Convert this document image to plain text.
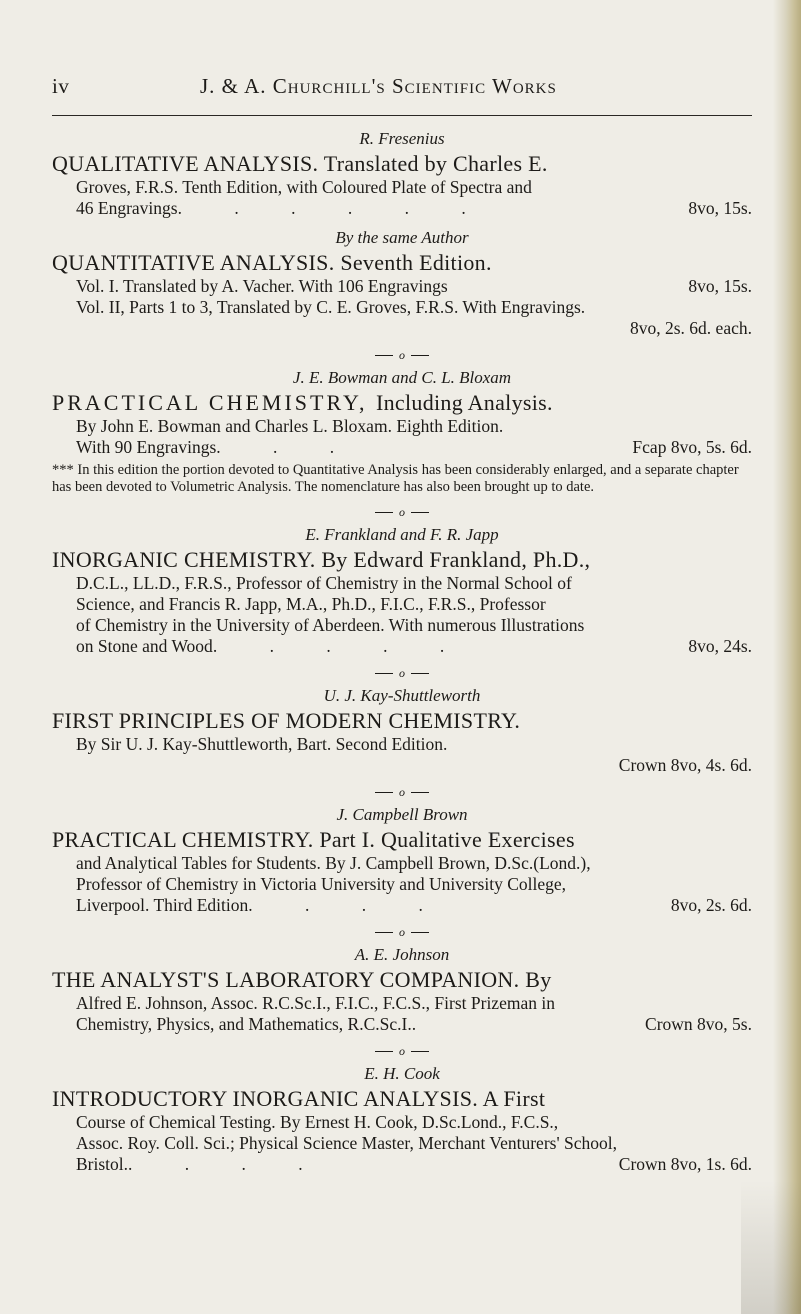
iv	J. & A. Churchill's Scientific Works
R. Fresenius
QUALITATIVE ANALYSIS. Translated by Charles E.
Groves, F.R.S. Tenth Edition, with Coloured Plate of Spectra and
46 Engravings . . . . . .	8vo, 15s.
By the same Author
QUANTITATIVE ANALYSIS. Seventh Edition.
Vol. I. Translated by A. Vacher. With 106 Engravings	8vo, 15s.
Vol. II, Parts 1 to 3, Translated by C. E. Groves, F.R.S. With Engravings.
8vo, 2s. 6d. each.
o
J. E. Bowman and C. L. Bloxam
PRACTICAL CHEMISTRY, Including Analysis.
By John E. Bowman and Charles L. Bloxam. Eighth Edition.
With 90 Engravings . . .	Fcap 8vo, 5s. 6d.
*** In this edition the portion devoted to Quantitative Analysis has been considerably enlarged, and a separate chapter has been devoted to Volumetric Analysis. The nomenclature has also been brought up to date.
o
E. Frankland and F. R. Japp
INORGANIC CHEMISTRY. By Edward Frankland, Ph.D.,
D.C.L., LL.D., F.R.S., Professor of Chemistry in the Normal School of
Science, and Francis R. Japp, M.A., Ph.D., F.I.C., F.R.S., Professor
of Chemistry in the University of Aberdeen. With numerous Illustrations
on Stone and Wood . . . . .	8vo, 24s.
o
U. J. Kay-Shuttleworth
FIRST PRINCIPLES OF MODERN CHEMISTRY.
By Sir U. J. Kay-Shuttleworth, Bart. Second Edition.
Crown 8vo, 4s. 6d.
o
J. Campbell Brown
PRACTICAL CHEMISTRY. Part I. Qualitative Exercises
and Analytical Tables for Students. By J. Campbell Brown, D.Sc.(Lond.),
Professor of Chemistry in Victoria University and University College,
Liverpool. Third Edition . . . .	8vo, 2s. 6d.
o
A. E. Johnson
THE ANALYST'S LABORATORY COMPANION. By
Alfred E. Johnson, Assoc. R.C.Sc.I., F.I.C., F.C.S., First Prizeman in
Chemistry, Physics, and Mathematics, R.C.Sc.I. .	Crown 8vo, 5s.
o
E. H. Cook
INTRODUCTORY INORGANIC ANALYSIS. A First
Course of Chemical Testing. By Ernest H. Cook, D.Sc.Lond., F.C.S.,
Assoc. Roy. Coll. Sci.; Physical Science Master, Merchant Venturers' School,
Bristol. . . . .	Crown 8vo, 1s. 6d.
